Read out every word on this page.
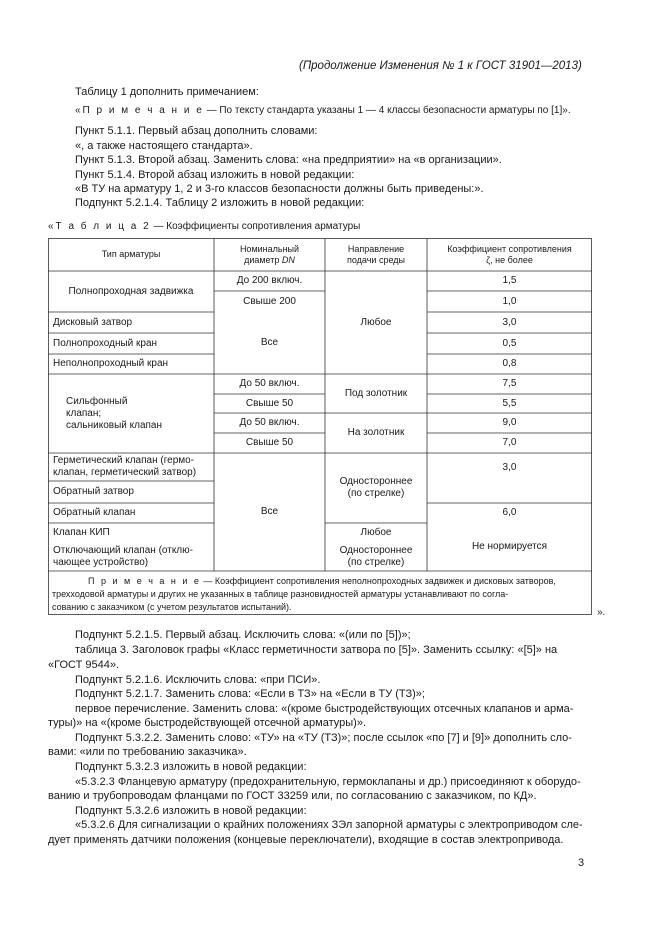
(Продолжение Изменения № 1 к ГОСТ 31901—2013)
Таблицу 1 дополнить примечанием:
«П р и м е ч а н и е — По тексту стандарта указаны 1 — 4 классы безопасности арматуры по [1]».
Пункт 5.1.1. Первый абзац дополнить словами:
«, а также настоящего стандарта».
Пункт 5.1.3. Второй абзац. Заменить слова: «на предприятии» на «в организации».
Пункт 5.1.4. Второй абзац изложить в новой редакции:
«В ТУ на арматуру 1, 2 и 3-го классов безопасности должны быть приведены:».
Подпункт 5.2.1.4. Таблицу 2 изложить в новой редакции:
«Т а б л и ц а 2 — Коэффициенты сопротивления арматуры
Тип арматуры
Номинальный
диаметр DN
Направление
подачи среды
Коэффициент сопротивления
ζ, не более
Полнопроходная задвижка
Дисковый затвор
Полнопроходный кран
Неполнопроходный кран
Сильфонный клапан; сальниковый клапан
Герметический клапан (гермо-клапан, герметический затвор)
Обратный затвор
Обратный клапан
Клапан КИП
Отключающий клапан (отклю-чающее устройство)
До 200 включ.
Свыше 200
Все
До 50 включ.
Свыше 50
До 50 включ.
Свыше 50
Все
Любое
Под золотник
На золотник
Одностороннее (по стрелке)
Любое
Одностороннее (по стрелке)
1,5
1,0
3,0
0,5
0,8
7,5
5,5
9,0
7,0
3,0
6,0
Не нормируется
П р и м е ч а н и е — Коэффициент сопротивления неполнопроходных задвижек и дисковых затворов,
трехходовой арматуры и других не указанных в таблице разновидностей арматуры устанавливают по согла-
сованию с заказчиком (с учетом результатов испытаний).	».
Подпункт 5.2.1.5. Первый абзац. Исключить слова: «(или по [5])»;
таблица 3. Заголовок графы «Класс герметичности затвора по [5]». Заменить ссылку: «[5]» на
«ГОСТ 9544».
Подпункт 5.2.1.6. Исключить слова: «при ПСИ».
Подпункт 5.2.1.7. Заменить слова: «Если в ТЗ» на «Если в ТУ (ТЗ)»;
первое перечисление. Заменить слова: «(кроме быстродействующих отсечных клапанов и арма-
туры)» на «(кроме быстродействующей отсечной арматуры)».
Подпункт 5.3.2.2. Заменить слово: «ТУ» на «ТУ (ТЗ)»; после ссылок «по [7] и [9]» дополнить сло-
вами: «или по требованию заказчика».
Подпункт 5.3.2.3 изложить в новой редакции:
«5.3.2.3 Фланцевую арматуру (предохранительную, гермоклапаны и др.) присоединяют к оборудо-
ванию и трубопроводам фланцами по ГОСТ 33259 или, по согласованию с заказчиком, по КД».
Подпункт 5.3.2.6 изложить в новой редакции:
«5.3.2.6 Для сигнализации о крайних положениях ЗЭл запорной арматуры с электроприводом сле-
дует применять датчики положения (концевые переключатели), входящие в состав электропривода.
3
